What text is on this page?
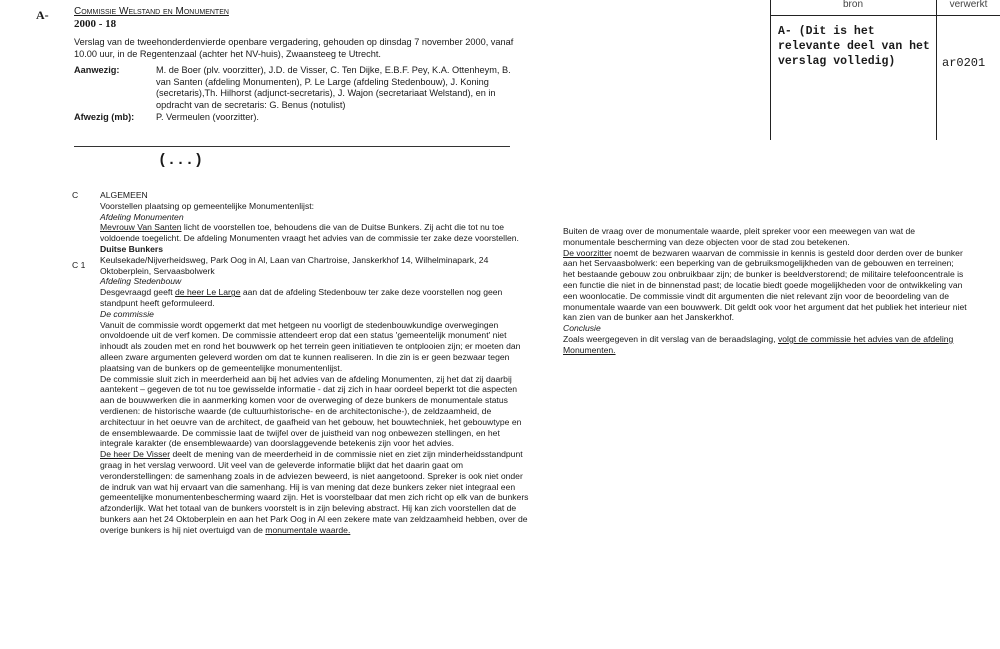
A-	Commissie Welstand en Monumenten
2000 - 18

Verslag van de tweehonderdenvierde openbare vergadering, gehouden op dinsdag 7 november 2000, vanaf 10.00 uur, in de Regentenzaal (achter het NV-huis), Zwaansteeg te Utrecht.

Aanwezig:	M. de Boer (plv. voorzitter), J.D. de Visser, C. Ten Dijke, E.B.F. Pey, K.A. Ottenheym, B. van Santen (afdeling Monumenten), P. Le Large (afdeling Stedenbouw), J. Koning (secretaris),Th. Hilhorst (adjunct-secretaris), J. Wajon (secretariaat Welstand), en in opdracht van de secretaris: G. Benus (notulist)
Afwezig (mb):	P. Vermeulen (voorzitter).
(...)
bron	verwerkt
A- (Dit is het relevante deel van het verslag volledig)	ar0201
C
C 1
ALGEMEEN
Voorstellen plaatsing op gemeentelijke Monumentenlijst:
Afdeling Monumenten

Mevrouw Van Santen licht de voorstellen toe, behoudens die van de Duitse Bunkers. Zij acht die tot nu toe voldoende toegelicht. De afdeling Monumenten vraagt het advies van de commissie ter zake deze voorstellen.

Duitse Bunkers
Keulsekade/Nijverheidsweg, Park Oog in Al, Laan van Chartroise, Janskerkhof 14, Wilhelminapark, 24 Oktoberplein, Servaasbolwerk
Afdeling Stedenbouw

Desgevraagd geeft de heer Le Large aan dat de afdeling Stedenbouw ter zake deze voorstellen nog geen standpunt heeft geformuleerd.

De commissie

Vanuit de commissie wordt opgemerkt dat met hetgeen nu voorligt de stedenbouwkundige overwegingen onvoldoende uit de verf komen. De commissie attendeert erop dat een status 'gemeentelijk monument' niet inhoudt als zouden met en rond het bouwwerk op het terrein geen initiatieven te ontplooien zijn; er moeten dan alleen zware argumenten geleverd worden om dat te kunnen realiseren. In die zin is er geen bezwaar tegen plaatsing van de bunkers op de gemeentelijke monumentenlijst.

De commissie sluit zich in meerderheid aan bij het advies van de afdeling Monumenten, zij het dat zij daarbij aantekent – gegeven de tot nu toe gewisselde informatie - dat zij zich in haar oordeel beperkt tot die aspecten aan de bouwwerken die in aanmerking komen voor de overweging of deze bunkers de monumentale status verdienen: de historische waarde (de cultuurhistorische- en de architectonische-), de zeldzaamheid, de architectuur in het oeuvre van de architect, de gaafheid van het gebouw, het bouwtechniek, het gebouwtype en de ensemblewaarde. De commissie laat de twijfel over de juistheid van nog onbewezen stellingen, en het integrale karakter (de ensemblewaarde) van doorslaggevende betekenis zijn voor het advies.

De heer De Visser deelt de mening van de meerderheid in de commissie niet en ziet zijn minderheidsstandpunt graag in het verslag verwoord. Uit veel van de geleverde informatie blijkt dat het daarin gaat om veronderstellingen: de samenhang zoals in de adviezen beweerd, is niet aangetoond. Spreker is ook niet onder de indruk van wat hij ervaart van die samenhang. Hij is van mening dat deze bunkers zeker niet integraal een gemeentelijke monumentenbescherming waard zijn. Het is voorstelbaar dat men zich richt op elk van de bunkers afzonderlijk. Wat het totaal van de bunkers voorstelt is in zijn beleving abstract. Hij kan zich voorstellen dat de bunkers aan het 24 Oktoberplein en aan het Park Oog in Al een zekere mate van zeldzaamheid hebben, over de overige bunkers is hij niet overtuigd van de monumentale waarde.

Buiten de vraag over de monumentale waarde, pleit spreker voor een meewegen van wat de monumentale bescherming van deze objecten voor de stad zou betekenen.

De voorzitter noemt de bezwaren waarvan de commissie in kennis is gesteld door derden over de bunker aan het Servaasbolwerk: een beperking van de gebruiksmogelijkheden van de gebouwen en terreinen; het bestaande gebouw zou onbruikbaar zijn; de bunker is beeldverstorend; de militaire telefooncentrale is een functie die niet in de binnenstad past; de locatie biedt goede mogelijkheden voor de ontwikkeling van een woonlocatie. De commissie vindt dit argumenten die niet relevant zijn voor de beoordeling van de monumentale waarde van een bouwwerk. Dit geldt ook voor het argument dat het publiek het interieur niet kan zien van de bunker aan het Janskerkhof.

Conclusie

Zoals weergegeven in dit verslag van de beraadslaging, volgt de commissie het advies van de afdeling Monumenten.
